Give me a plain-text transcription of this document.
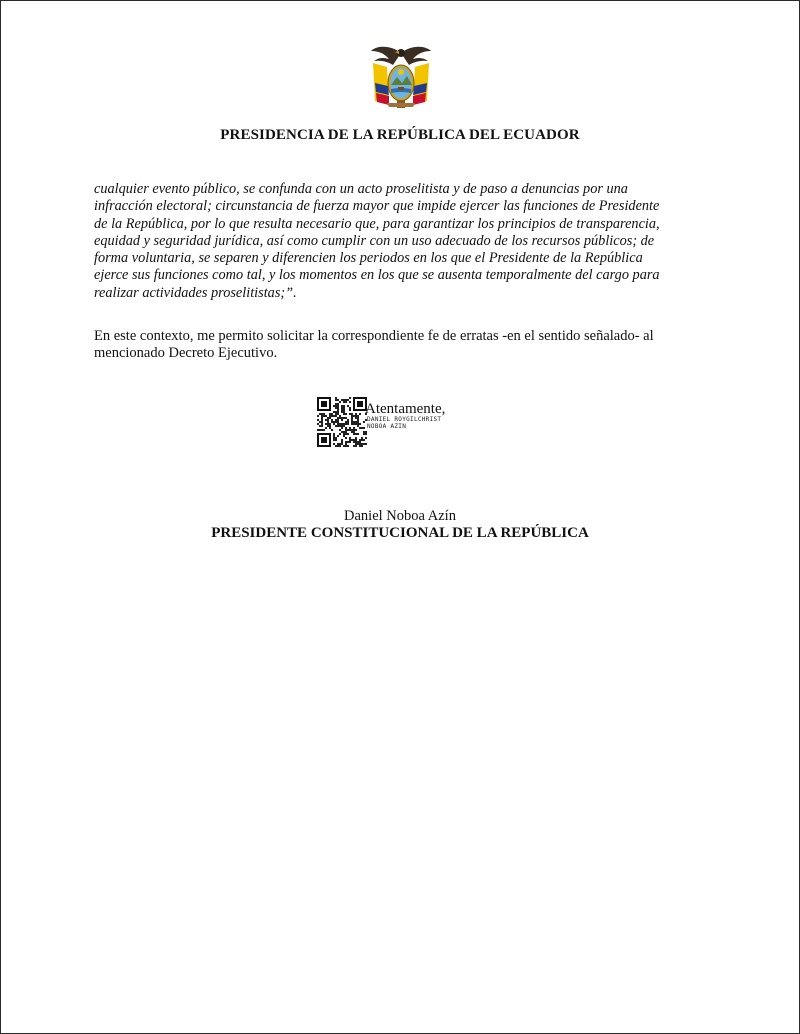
PRESIDENCIA DE LA REPÚBLICA DEL ECUADOR
cualquier evento público, se confunda con un acto proselitista y de paso a denuncias por una
infracción electoral; circunstancia de fuerza mayor que impide ejercer las funciones de Presidente
de la República, por lo que resulta necesario que, para garantizar los principios de transparencia,
equidad y seguridad jurídica, así como cumplir con un uso adecuado de los recursos públicos; de
forma voluntaria, se separen y diferencien los periodos en los que el Presidente de la República
ejerce sus funciones como tal, y los momentos en los que se ausenta temporalmente del cargo para
realizar actividades proselitistas;”.
En este contexto, me permito solicitar la correspondiente fe de erratas -en el sentido señalado- al
mencionado Decreto Ejecutivo.
Atentamente,
DANIEL ROYGILCHRIST
NOBOA AZIN
Daniel Noboa Azín
PRESIDENTE CONSTITUCIONAL DE LA REPÚBLICA
